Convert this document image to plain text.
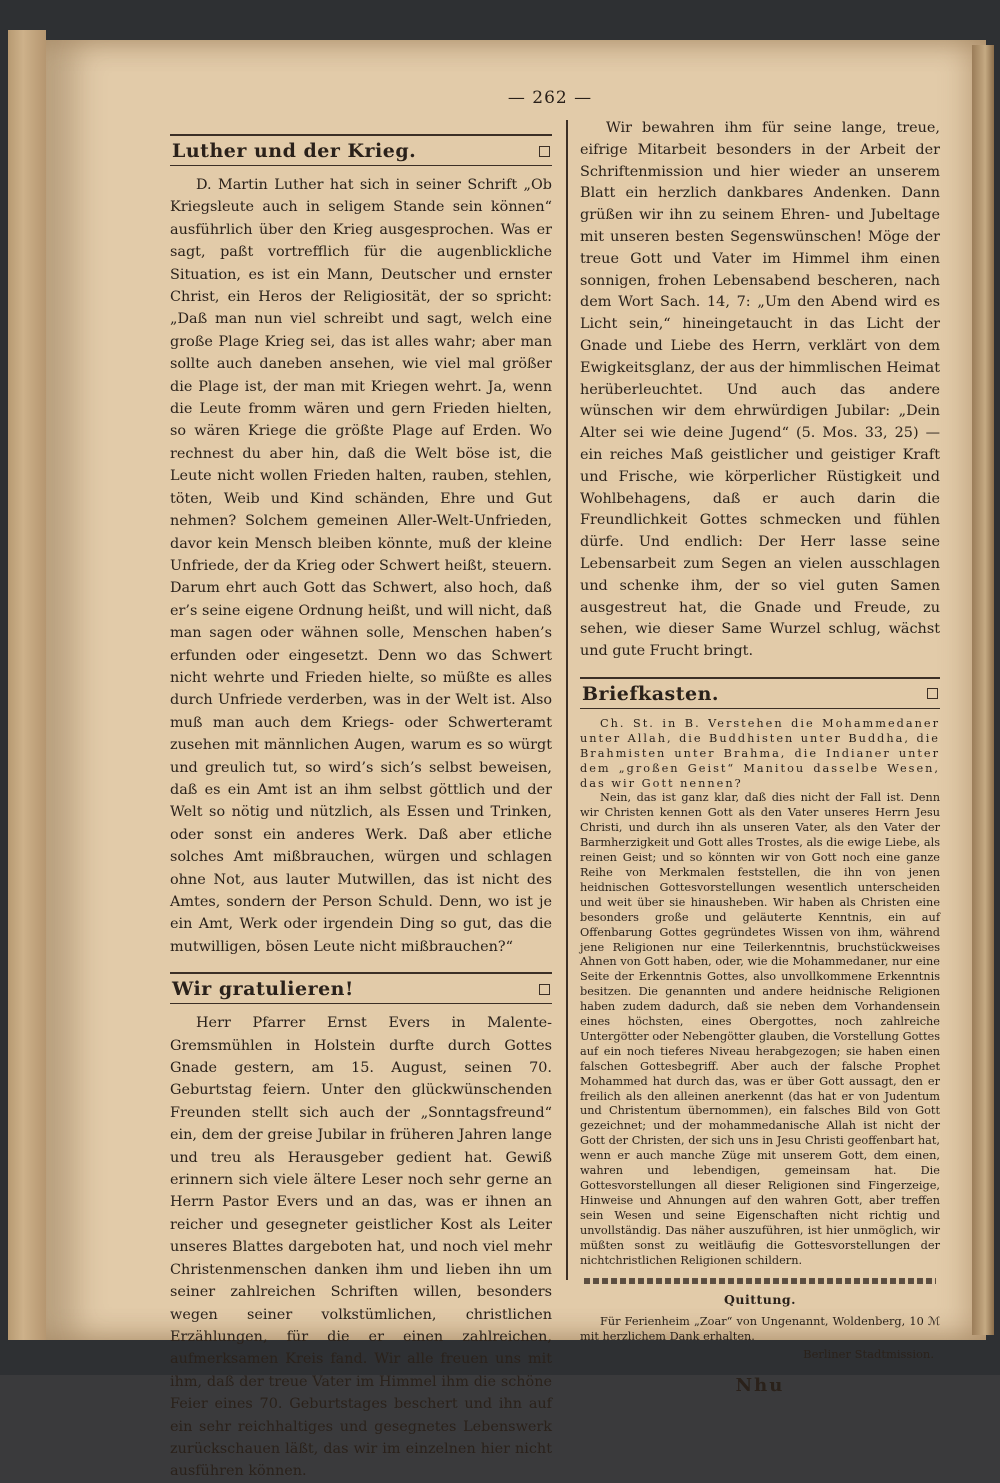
— 262 —
Luther und der Krieg.

D. Martin Luther hat sich in seiner Schrift „Ob Kriegsleute auch in seligem Stande sein können“ ausführlich über den Krieg ausgesprochen. Was er sagt, paßt vortrefflich für die augenblickliche Situation, es ist ein Mann, Deutscher und ernster Christ, ein Heros der Religiosität, der so spricht: „Daß man nun viel schreibt und sagt, welch eine große Plage Krieg sei, das ist alles wahr; aber man sollte auch daneben ansehen, wie viel mal größer die Plage ist, der man mit Kriegen wehrt. Ja, wenn die Leute fromm wären und gern Frieden hielten, so wären Kriege die größte Plage auf Erden. Wo rechnest du aber hin, daß die Welt böse ist, die Leute nicht wollen Frieden halten, rauben, stehlen, töten, Weib und Kind schänden, Ehre und Gut nehmen? Solchem gemeinen Aller-Welt-Unfrieden, davor kein Mensch bleiben könnte, muß der kleine Unfriede, der da Krieg oder Schwert heißt, steuern. Darum ehrt auch Gott das Schwert, also hoch, daß er’s seine eigene Ordnung heißt, und will nicht, daß man sagen oder wähnen solle, Menschen haben’s erfunden oder eingesetzt. Denn wo das Schwert nicht wehrte und Frieden hielte, so müßte es alles durch Unfriede verderben, was in der Welt ist. Also muß man auch dem Kriegs- oder Schwerteramt zusehen mit männlichen Augen, warum es so würgt und greulich tut, so wird’s sich’s selbst beweisen, daß es ein Amt ist an ihm selbst göttlich und der Welt so nötig und nützlich, als Essen und Trinken, oder sonst ein anderes Werk. Daß aber etliche solches Amt mißbrauchen, würgen und schlagen ohne Not, aus lauter Mutwillen, das ist nicht des Amtes, sondern der Person Schuld. Denn, wo ist je ein Amt, Werk oder irgendein Ding so gut, das die mutwilligen, bösen Leute nicht mißbrauchen?“

Wir gratulieren!

Herr Pfarrer Ernst Evers in Malente-Gremsmühlen in Holstein durfte durch Gottes Gnade gestern, am 15. August, seinen 70. Geburtstag feiern. Unter den glückwünschenden Freunden stellt sich auch der „Sonntagsfreund“ ein, dem der greise Jubilar in früheren Jahren lange und treu als Herausgeber gedient hat. Gewiß erinnern sich viele ältere Leser noch sehr gerne an Herrn Pastor Evers und an das, was er ihnen an reicher und gesegneter geistlicher Kost als Leiter unseres Blattes dargeboten hat, und noch viel mehr Christenmenschen danken ihm und lieben ihn um seiner zahlreichen Schriften willen, besonders wegen seiner volkstümlichen, christlichen Erzählungen, für die er einen zahlreichen, aufmerksamen Kreis fand. Wir alle freuen uns mit ihm, daß der treue Vater im Himmel ihm die schöne Feier eines 70. Geburtstages beschert und ihn auf ein sehr reichhaltiges und gesegnetes Lebenswerk zurückschauen läßt, das wir im einzelnen hier nicht ausführen können.

Wir bewahren ihm für seine lange, treue, eifrige Mitarbeit besonders in der Arbeit der Schriftenmission und hier wieder an unserem Blatt ein herzlich dankbares Andenken. Dann grüßen wir ihn zu seinem Ehren- und Jubeltage mit unseren besten Segenswünschen! Möge der treue Gott und Vater im Himmel ihm einen sonnigen, frohen Lebensabend bescheren, nach dem Wort Sach. 14, 7: „Um den Abend wird es Licht sein,“ hineingetaucht in das Licht der Gnade und Liebe des Herrn, verklärt von dem Ewigkeitsglanz, der aus der himmlischen Heimat herüberleuchtet. Und auch das andere wünschen wir dem ehrwürdigen Jubilar: „Dein Alter sei wie deine Jugend“ (5. Mos. 33, 25) — ein reiches Maß geistlicher und geistiger Kraft und Frische, wie körperlicher Rüstigkeit und Wohlbehagens, daß er auch darin die Freundlichkeit Gottes schmecken und fühlen dürfe. Und endlich: Der Herr lasse seine Lebensarbeit zum Segen an vielen ausschlagen und schenke ihm, der so viel guten Samen ausgestreut hat, die Gnade und Freude, zu sehen, wie dieser Same Wurzel schlug, wächst und gute Frucht bringt.

Briefkasten.

Ch. St. in B. Verstehen die Mohammedaner unter Allah, die Buddhisten unter Buddha, die Brahmisten unter Brahma, die Indianer unter dem „großen Geist“ Manitou dasselbe Wesen, das wir Gott nennen?

Nein, das ist ganz klar, daß dies nicht der Fall ist. Denn wir Christen kennen Gott als den Vater unseres Herrn Jesu Christi, und durch ihn als unseren Vater, als den Vater der Barmherzigkeit und Gott alles Trostes, als die ewige Liebe, als reinen Geist; und so könnten wir von Gott noch eine ganze Reihe von Merkmalen feststellen, die ihn von jenen heidnischen Gottesvorstellungen wesentlich unterscheiden und weit über sie hinausheben. Wir haben als Christen eine besonders große und geläuterte Kenntnis, ein auf Offenbarung Gottes gegründetes Wissen von ihm, während jene Religionen nur eine Teilerkenntnis, bruchstückweises Ahnen von Gott haben, oder, wie die Mohammedaner, nur eine Seite der Erkenntnis Gottes, also unvollkommene Erkenntnis besitzen. Die genannten und andere heidnische Religionen haben zudem dadurch, daß sie neben dem Vorhandensein eines höchsten, eines Obergottes, noch zahlreiche Untergötter oder Nebengötter glauben, die Vorstellung Gottes auf ein noch tieferes Niveau herabgezogen; sie haben einen falschen Gottesbegriff. Aber auch der falsche Prophet Mohammed hat durch das, was er über Gott aussagt, den er freilich als den alleinen anerkennt (das hat er von Judentum und Christentum übernommen), ein falsches Bild von Gott gezeichnet; und der mohammedanische Allah ist nicht der Gott der Christen, der sich uns in Jesu Christi geoffenbart hat, wenn er auch manche Züge mit unserem Gott, dem einen, wahren und lebendigen, gemeinsam hat. Die Gottesvorstellungen all dieser Religionen sind Fingerzeige, Hinweise und Ahnungen auf den wahren Gott, aber treffen sein Wesen und seine Eigenschaften nicht richtig und unvollständig. Das näher auszuführen, ist hier unmöglich, wir müßten sonst zu weitläufig die Gottesvorstellungen der nichtchristlichen Religionen schildern.

Quittung.

Für Ferienheim „Zoar“ von Ungenannt, Woldenberg, 10 ℳ mit herzlichem Dank erhalten.

Berliner Stadtmission.
Nhu
